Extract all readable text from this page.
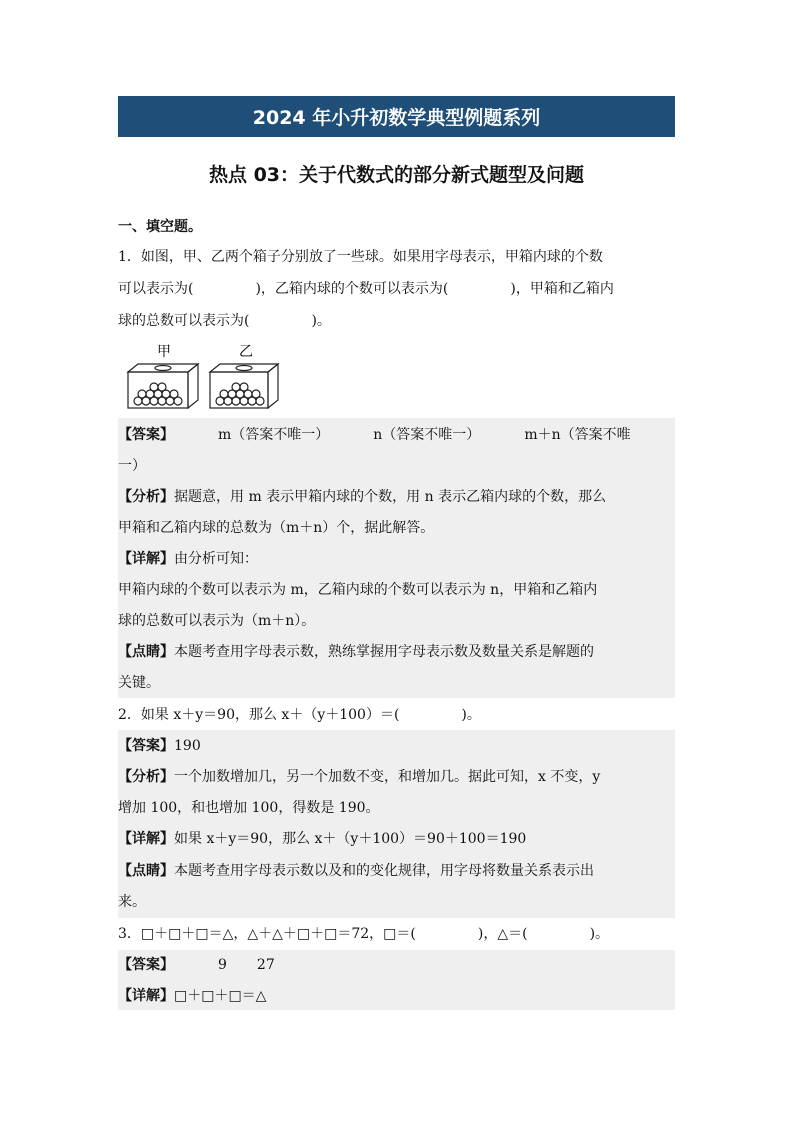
2024 年小升初数学典型例题系列
热点 03：关于代数式的部分新式题型及问题
一、填空题。
1．如图，甲、乙两个箱子分别放了一些球。如果用字母表示，甲箱内球的个数
可以表示为(	)，乙箱内球的个数可以表示为(	)，甲箱和乙箱内
球的总数可以表示为(	)。
甲	乙
【答案】	m（答案不唯一）	n（答案不唯一）	m＋n（答案不唯
一）
【分析】据题意，用 m 表示甲箱内球的个数，用 n 表示乙箱内球的个数，那么
甲箱和乙箱内球的总数为（m＋n）个，据此解答。
【详解】由分析可知：
甲箱内球的个数可以表示为 m，乙箱内球的个数可以表示为 n，甲箱和乙箱内
球的总数可以表示为（m＋n）。
【点睛】本题考查用字母表示数，熟练掌握用字母表示数及数量关系是解题的
关键。
2．如果 x＋y＝90，那么 x＋（y＋100）＝(	)。
【答案】190
【分析】一个加数增加几，另一个加数不变，和增加几。据此可知，x 不变，y
增加 100，和也增加 100，得数是 190。
【详解】如果 x＋y＝90，那么 x＋（y＋100）＝90＋100＝190
【点睛】本题考查用字母表示数以及和的变化规律，用字母将数量关系表示出
来。
3．□＋□＋□＝△，△＋△＋□＋□＝72，□＝(	)，△＝(	)。
【答案】	9 27
【详解】□＋□＋□＝△
